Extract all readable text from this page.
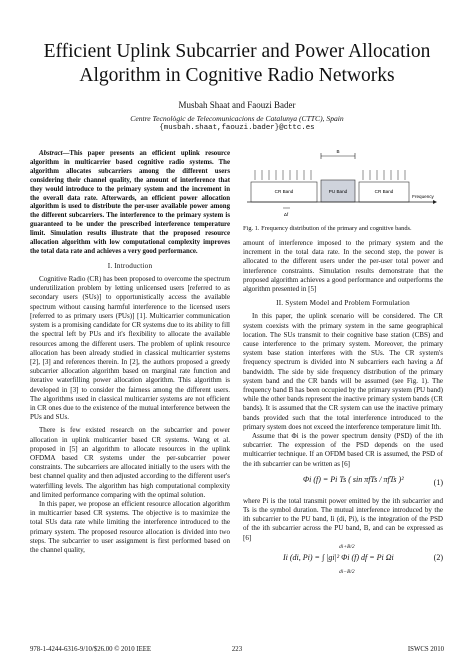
Efficient Uplink Subcarrier and Power Allocation Algorithm in Cognitive Radio Networks
Musbah Shaat and Faouzi Bader
Centre Tecnològic de Telecomunicacions de Catalunya (CTTC), Spain
{musbah.shaat,faouzi.bader}@cttc.es

Abstract—This paper presents an efficient uplink resource algorithm in multicarrier based cognitive radio systems. The algorithm allocates subcarriers among the different users considering their channel quality, the amount of interference that they would introduce to the primary system and the increment in the overall data rate. Afterwards, an efficient power allocation algorithm is used to distribute the per-user available power among the different subcarriers. The interference to the primary system is guaranteed to be under the prescribed interference temperature limit. Simulation results illustrate that the proposed resource allocation algorithm with low computational complexity improves the total data rate and achieves a very good performance.

I. Introduction

Cognitive Radio (CR) has been proposed to overcome the spectrum underutilization problem by letting unlicensed users [referred to as secondary users (SUs)] to opportunistically access the available spectrum without causing harmful interference to the licensed users [referred to as primary users (PUs)] [1]. Multicarrier communication system is a promising candidate for CR systems due to its ability to fill the spectral left by PUs and it's flexibility to allocate the available resources among the different users. The problem of uplink resource allocation has been already studied in classical multicarrier systems [2], [3] and references therein. In [2], the authors proposed a greedy subcarrier allocation algorithm based on marginal rate function and iterative waterfilling power allocation algorithm. This algorithm is developed in [3] to consider the fairness among the different users. The algorithms used in classical multicarrier systems are not efficient in CR ones due to the existence of the mutual interference between the PUs and SUs.

There is few existed research on the subcarrier and power allocation in uplink multicarrier based CR systems. Wang et al. proposed in [5] an algorithm to allocate resources in the uplink OFDMA based CR systems under the per-subcarrier power constraints. The subcarriers are allocated initially to the users with the best channel quality and then adjusted according to the different user's waterfilling levels. The algorithm has high computational complexity and limited performance comparing with the optimal solution.

In this paper, we propose an efficient resource allocation algorithm in multicarrier based CR systems. The objective is to maximize the total SUs data rate while limiting the interference introduced to the primary system. The proposed resource allocation is divided into two steps. The subcarrier to user assignment is first performed based on the channel quality,

B
CR Band	PU Band	CR Band
Δf
Frequency

Fig. 1. Frequency distribution of the primary and cognitive bands.

amount of interference imposed to the primary system and the increment in the total data rate. In the second step, the power is allocated to the different users under the per-user total power and interference constraints. Simulation results demonstrate that the proposed algorithm achieves a good performance and outperforms the algorithm presented in [5]

II. System Model and Problem Formulation

In this paper, the uplink scenario will be considered. The CR system coexists with the primary system in the same geographical location. The SUs transmit to their cognitive base station (CBS) and cause interference to the primary system. Moreover, the primary system base station interferes with the SUs. The CR system's frequency spectrum is divided into N subcarriers each having a Δf bandwidth. The side by side frequency distribution of the primary system band and the CR bands will be assumed (see Fig. 1). The frequency band B has been occupied by the primary system (PU band) while the other bands represent the inactive primary system bands (CR bands). It is assumed that the CR system can use the inactive primary bands provided such that the total interference introduced to the primary system does not exceed the interference temperature limit Ith.

Assume that Φi is the power spectrum density (PSD) of the ith subcarrier. The expression of the PSD depends on the used multicarrier technique. If an OFDM based CR is assumed, the PSD of the ith subcarrier can be written as [6]

Φi (f) = Pi Ts ( sin πfTs / πfTs )²	(1)

where Pi is the total transmit power emitted by the ith subcarrier and Ts is the symbol duration. The mutual interference introduced by the ith subcarrier to the PU band, Ii (di, Pi), is the integration of the PSD of the ith subcarrier across the PU band, B, and can be expressed as [6]

di+B/2
Ii (di, Pi) = ∫ |gi|² Φi (f) df = Pi Ωi
di−B/2
(2)
978-1-4244-6316-9/10/$26.00 © 2010 IEEE	223	ISWCS 2010
